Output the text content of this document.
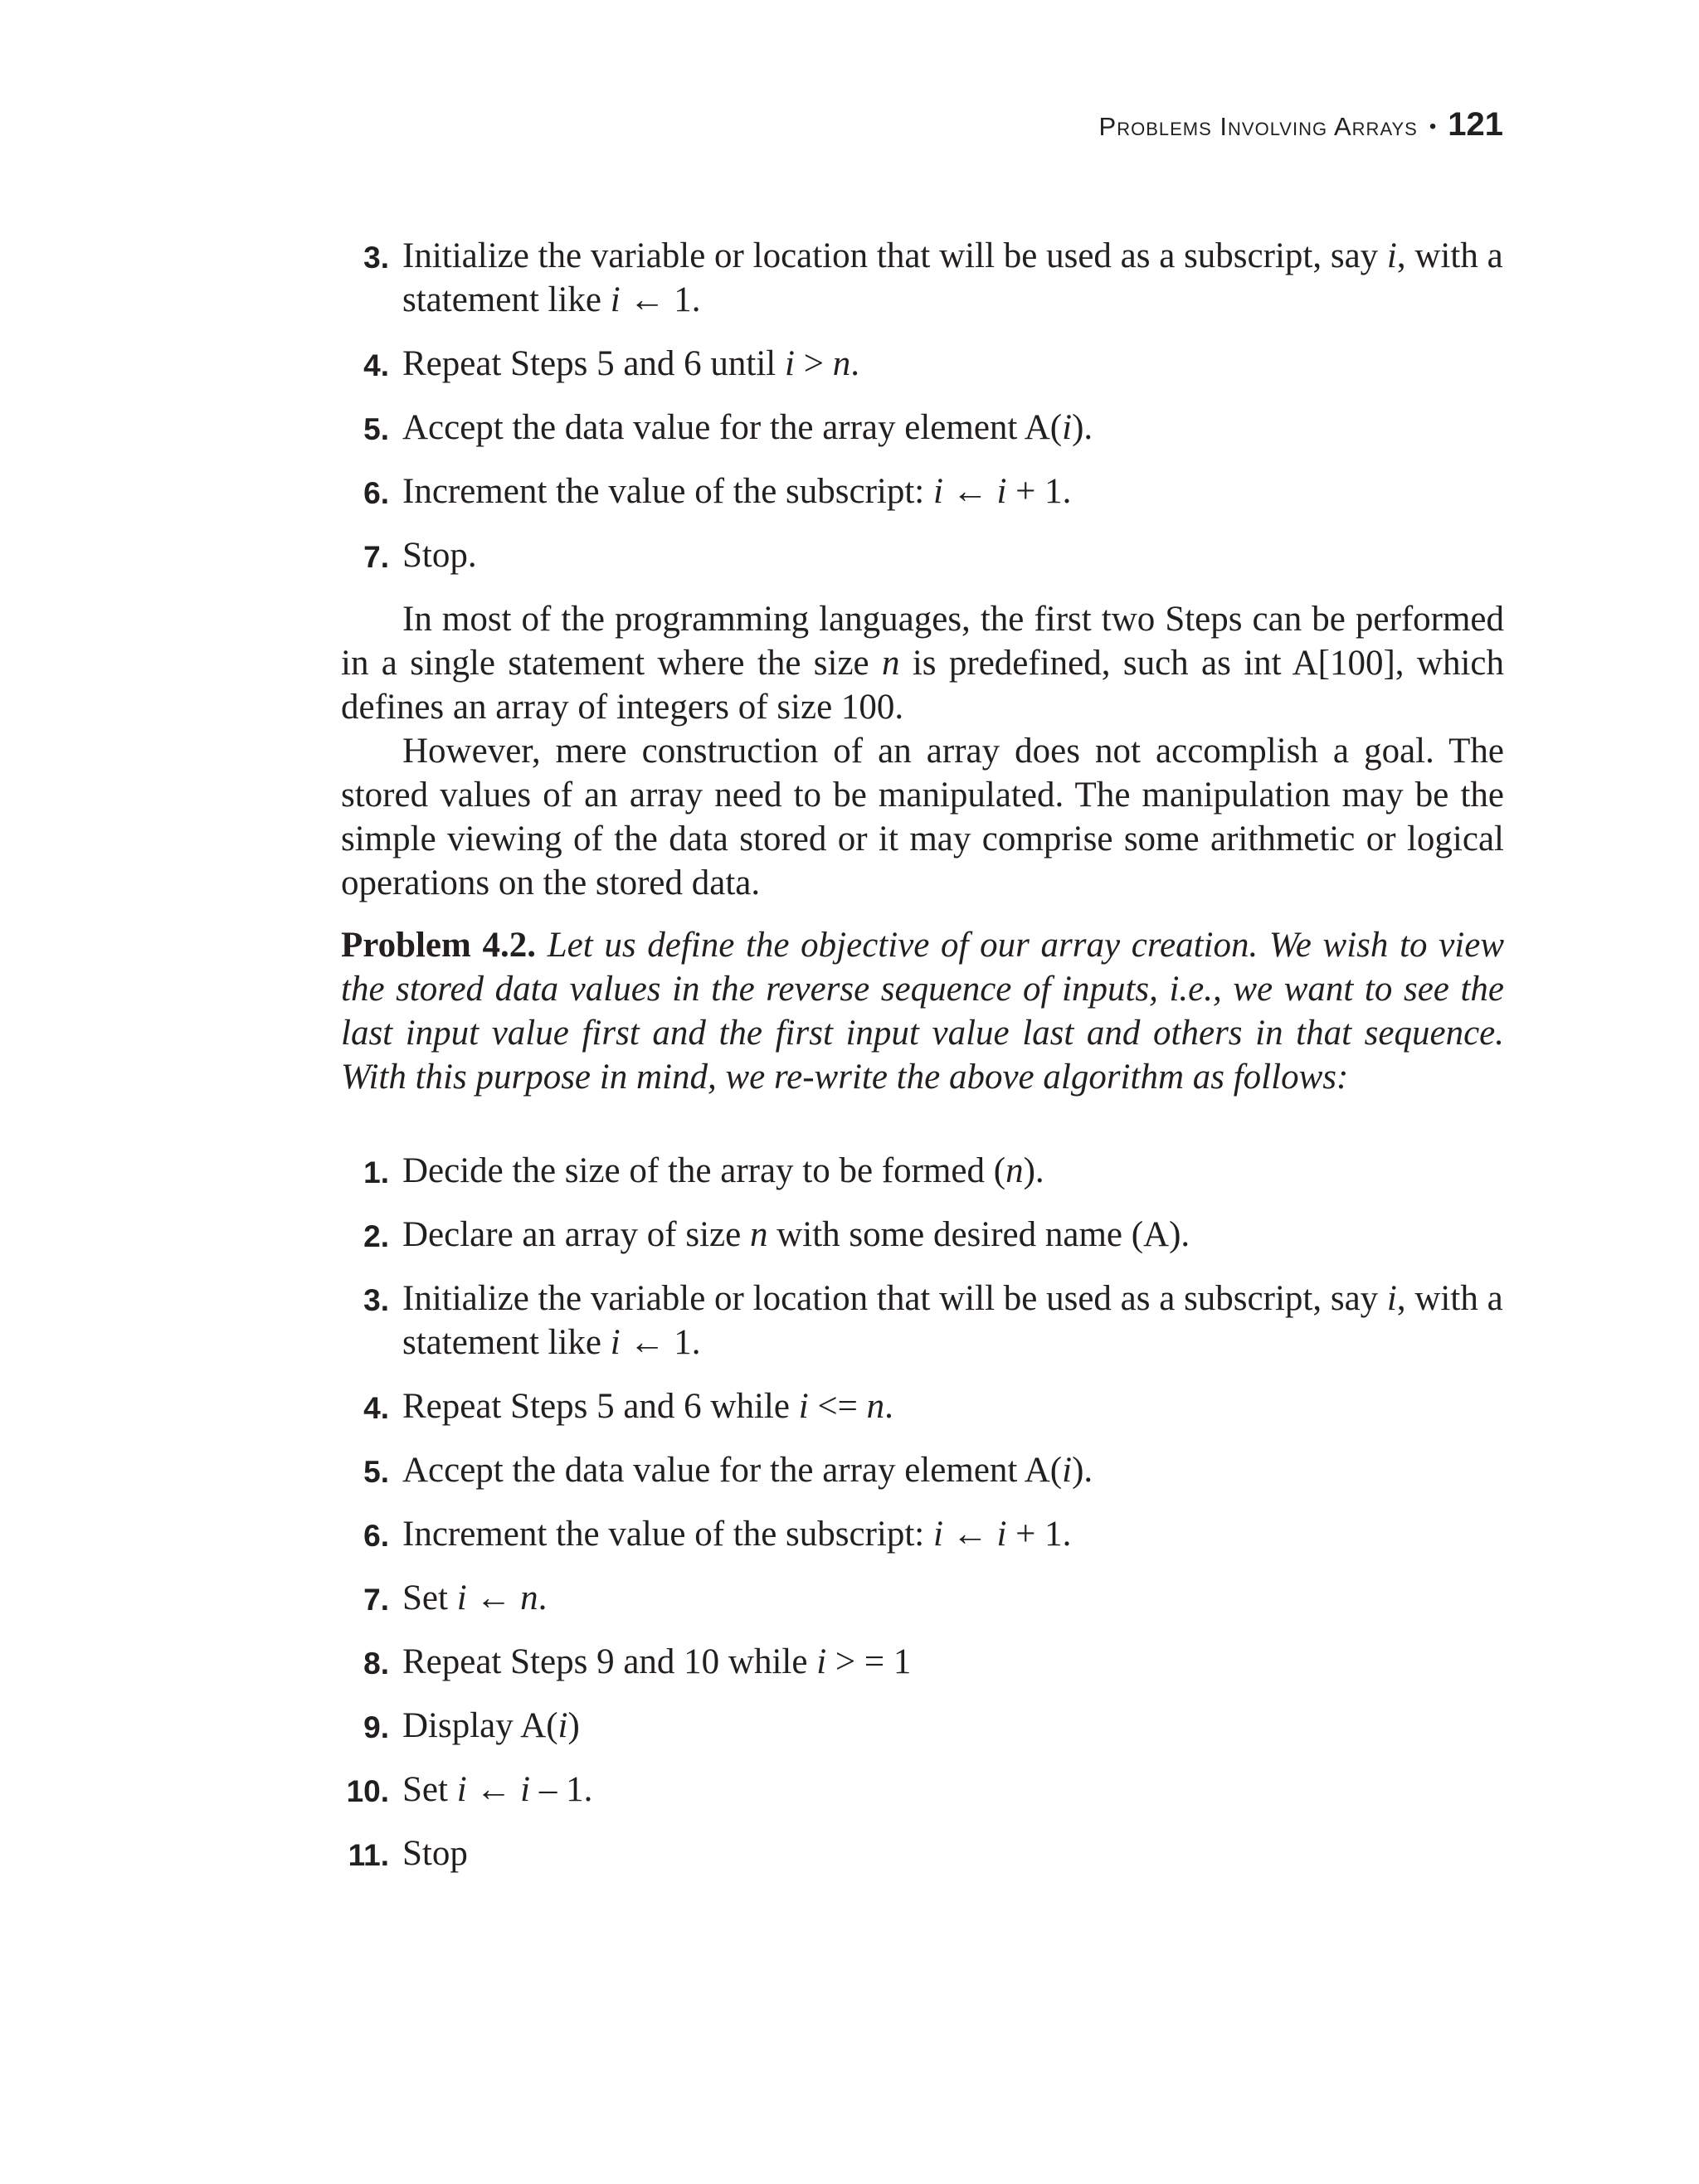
Problems Involving Arrays • 121
3. Initialize the variable or location that will be used as a subscript, say i, with a statement like i ← 1.
4. Repeat Steps 5 and 6 until i > n.
5. Accept the data value for the array element A(i).
6. Increment the value of the subscript: i ← i + 1.
7. Stop.

In most of the programming languages, the first two Steps can be performed in a single statement where the size n is predefined, such as int A[100], which defines an array of integers of size 100.

However, mere construction of an array does not accomplish a goal. The stored values of an array need to be manipulated. The manipulation may be the simple viewing of the data stored or it may comprise some arithmetic or logical operations on the stored data.

Problem 4.2. Let us define the objective of our array creation. We wish to view the stored data values in the reverse sequence of inputs, i.e., we want to see the last input value first and the first input value last and others in that sequence. With this purpose in mind, we re-write the above algorithm as follows:
1. Decide the size of the array to be formed (n).
2. Declare an array of size n with some desired name (A).
3. Initialize the variable or location that will be used as a subscript, say i, with a statement like i ← 1.
4. Repeat Steps 5 and 6 while i <= n.
5. Accept the data value for the array element A(i).
6. Increment the value of the subscript: i ← i + 1.
7. Set i ← n.
8. Repeat Steps 9 and 10 while i > = 1
9. Display A(i)
10. Set i ← i – 1.
11. Stop
